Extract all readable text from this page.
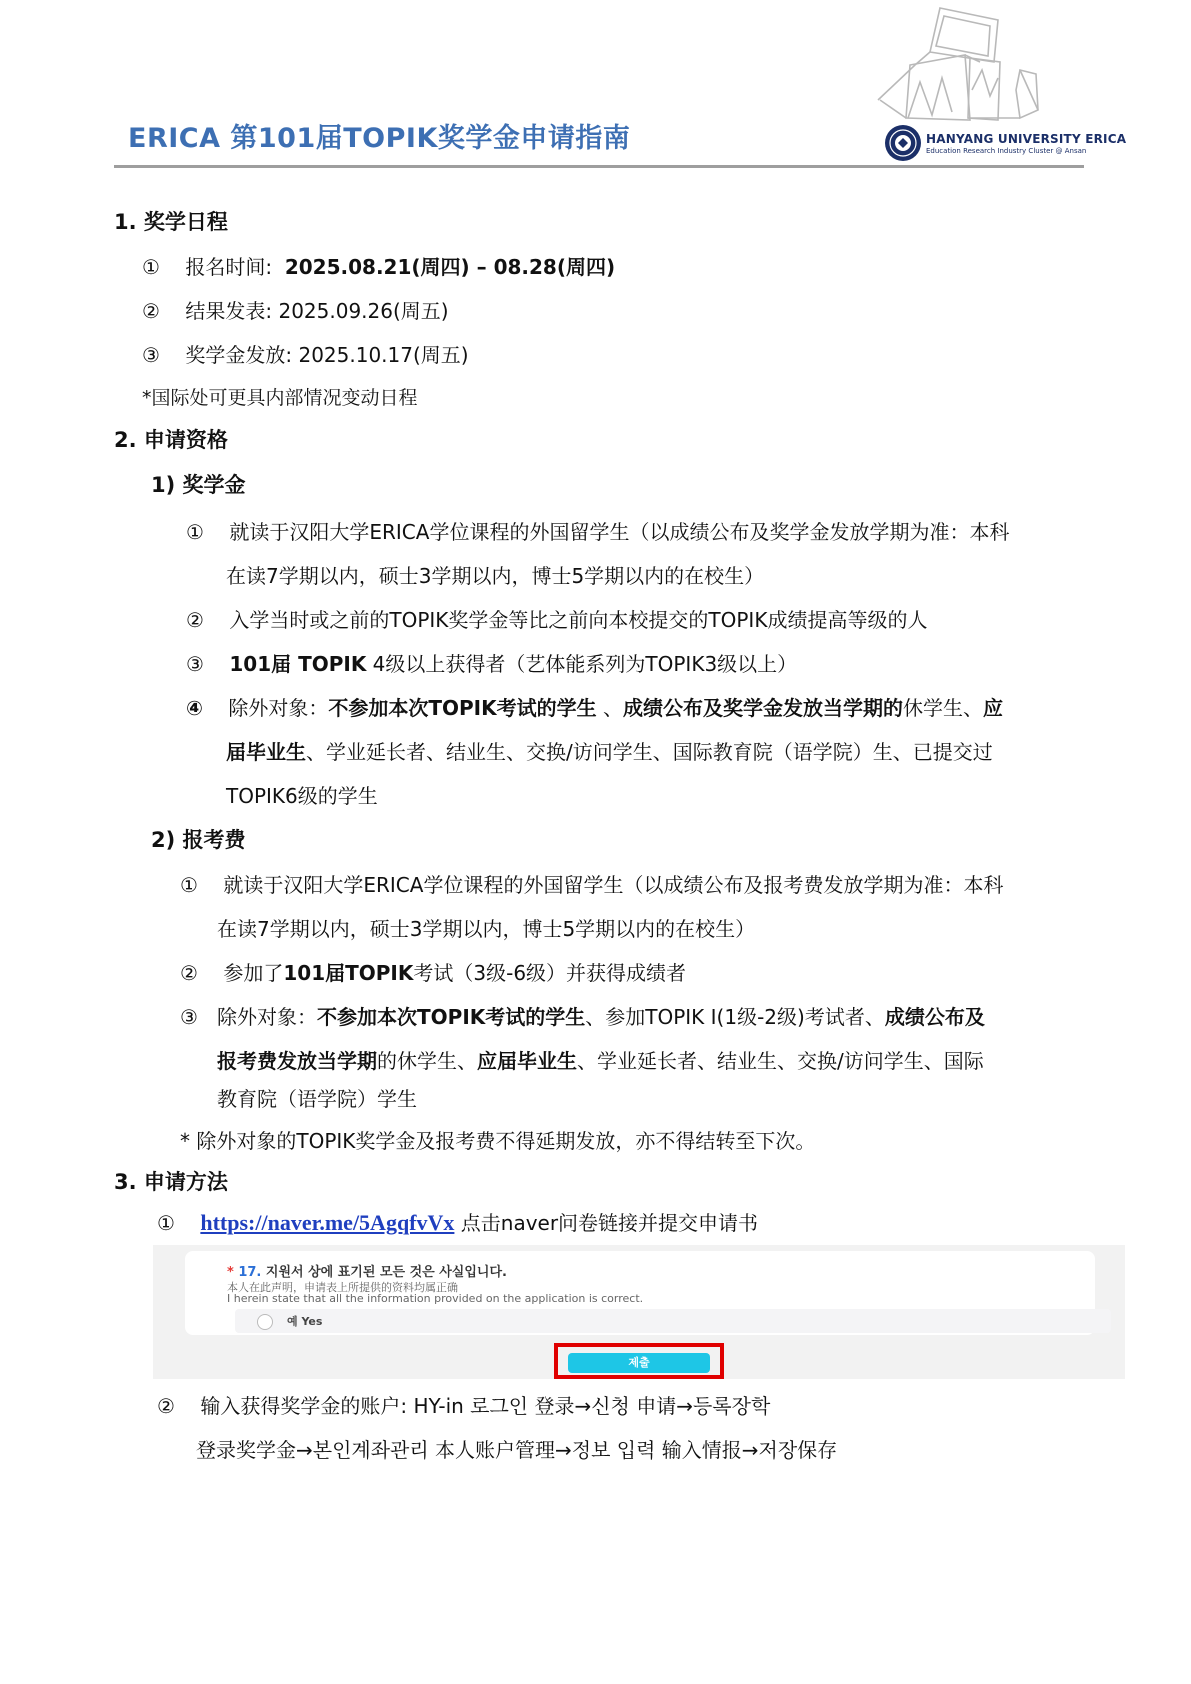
ERICA 第101届TOPIK奖学金申请指南	HANYANG UNIVERSITY ERICA
Education Research Industry Cluster @ Ansan
1. 奖学日程
① 报名时间: 2025.08.21(周四) – 08.28(周四)
② 结果发表: 2025.09.26(周五)
③ 奖学金发放: 2025.10.17(周五)
*国际处可更具内部情况变动日程
2. 申请资格
1) 奖学金
① 就读于汉阳大学ERICA学位课程的外国留学生（以成绩公布及奖学金发放学期为准：本科
在读7学期以内，硕士3学期以内，博士5学期以内的在校生）
② 入学当时或之前的TOPIK奖学金等比之前向本校提交的TOPIK成绩提高等级的人
③ 101届 TOPIK 4级以上获得者（艺体能系列为TOPIK3级以上）
④ 除外对象：不参加本次TOPIK考试的学生 、成绩公布及奖学金发放当学期的休学生、应
届毕业生、学业延长者、结业生、交换/访问学生、国际教育院（语学院）生、已提交过
TOPIK6级的学生
2) 报考费
① 就读于汉阳大学ERICA学位课程的外国留学生（以成绩公布及报考费发放学期为准：本科
在读7学期以内，硕士3学期以内，博士5学期以内的在校生）
② 参加了101届TOPIK考试（3级-6级）并获得成绩者
③   除外对象：不参加本次TOPIK考试的学生、参加TOPIK Ⅰ(1级-2级)考试者、成绩公布及
报考费发放当学期的休学生、应届毕业生、学业延长者、结业生、交换/访问学生、国际
教育院（语学院）学生
* 除外对象的TOPIK奖学金及报考费不得延期发放，亦不得结转至下次。
3. 申请方法
① https://naver.me/5AgqfvVx 点击naver问卷链接并提交申请书
* 17. 지원서 상에 표기된 모든 것은 사실입니다.
本人在此声明，申请表上所提供的资料均属正确
I herein state that all the information provided on the application is correct.
예 Yes
제출
② 输入获得奖学金的账户: HY-in 로그인 登录→신청 申请→등록장학
登录奖学金→본인계좌관리 本人账户管理→정보 입력 输入情报→저장保存
